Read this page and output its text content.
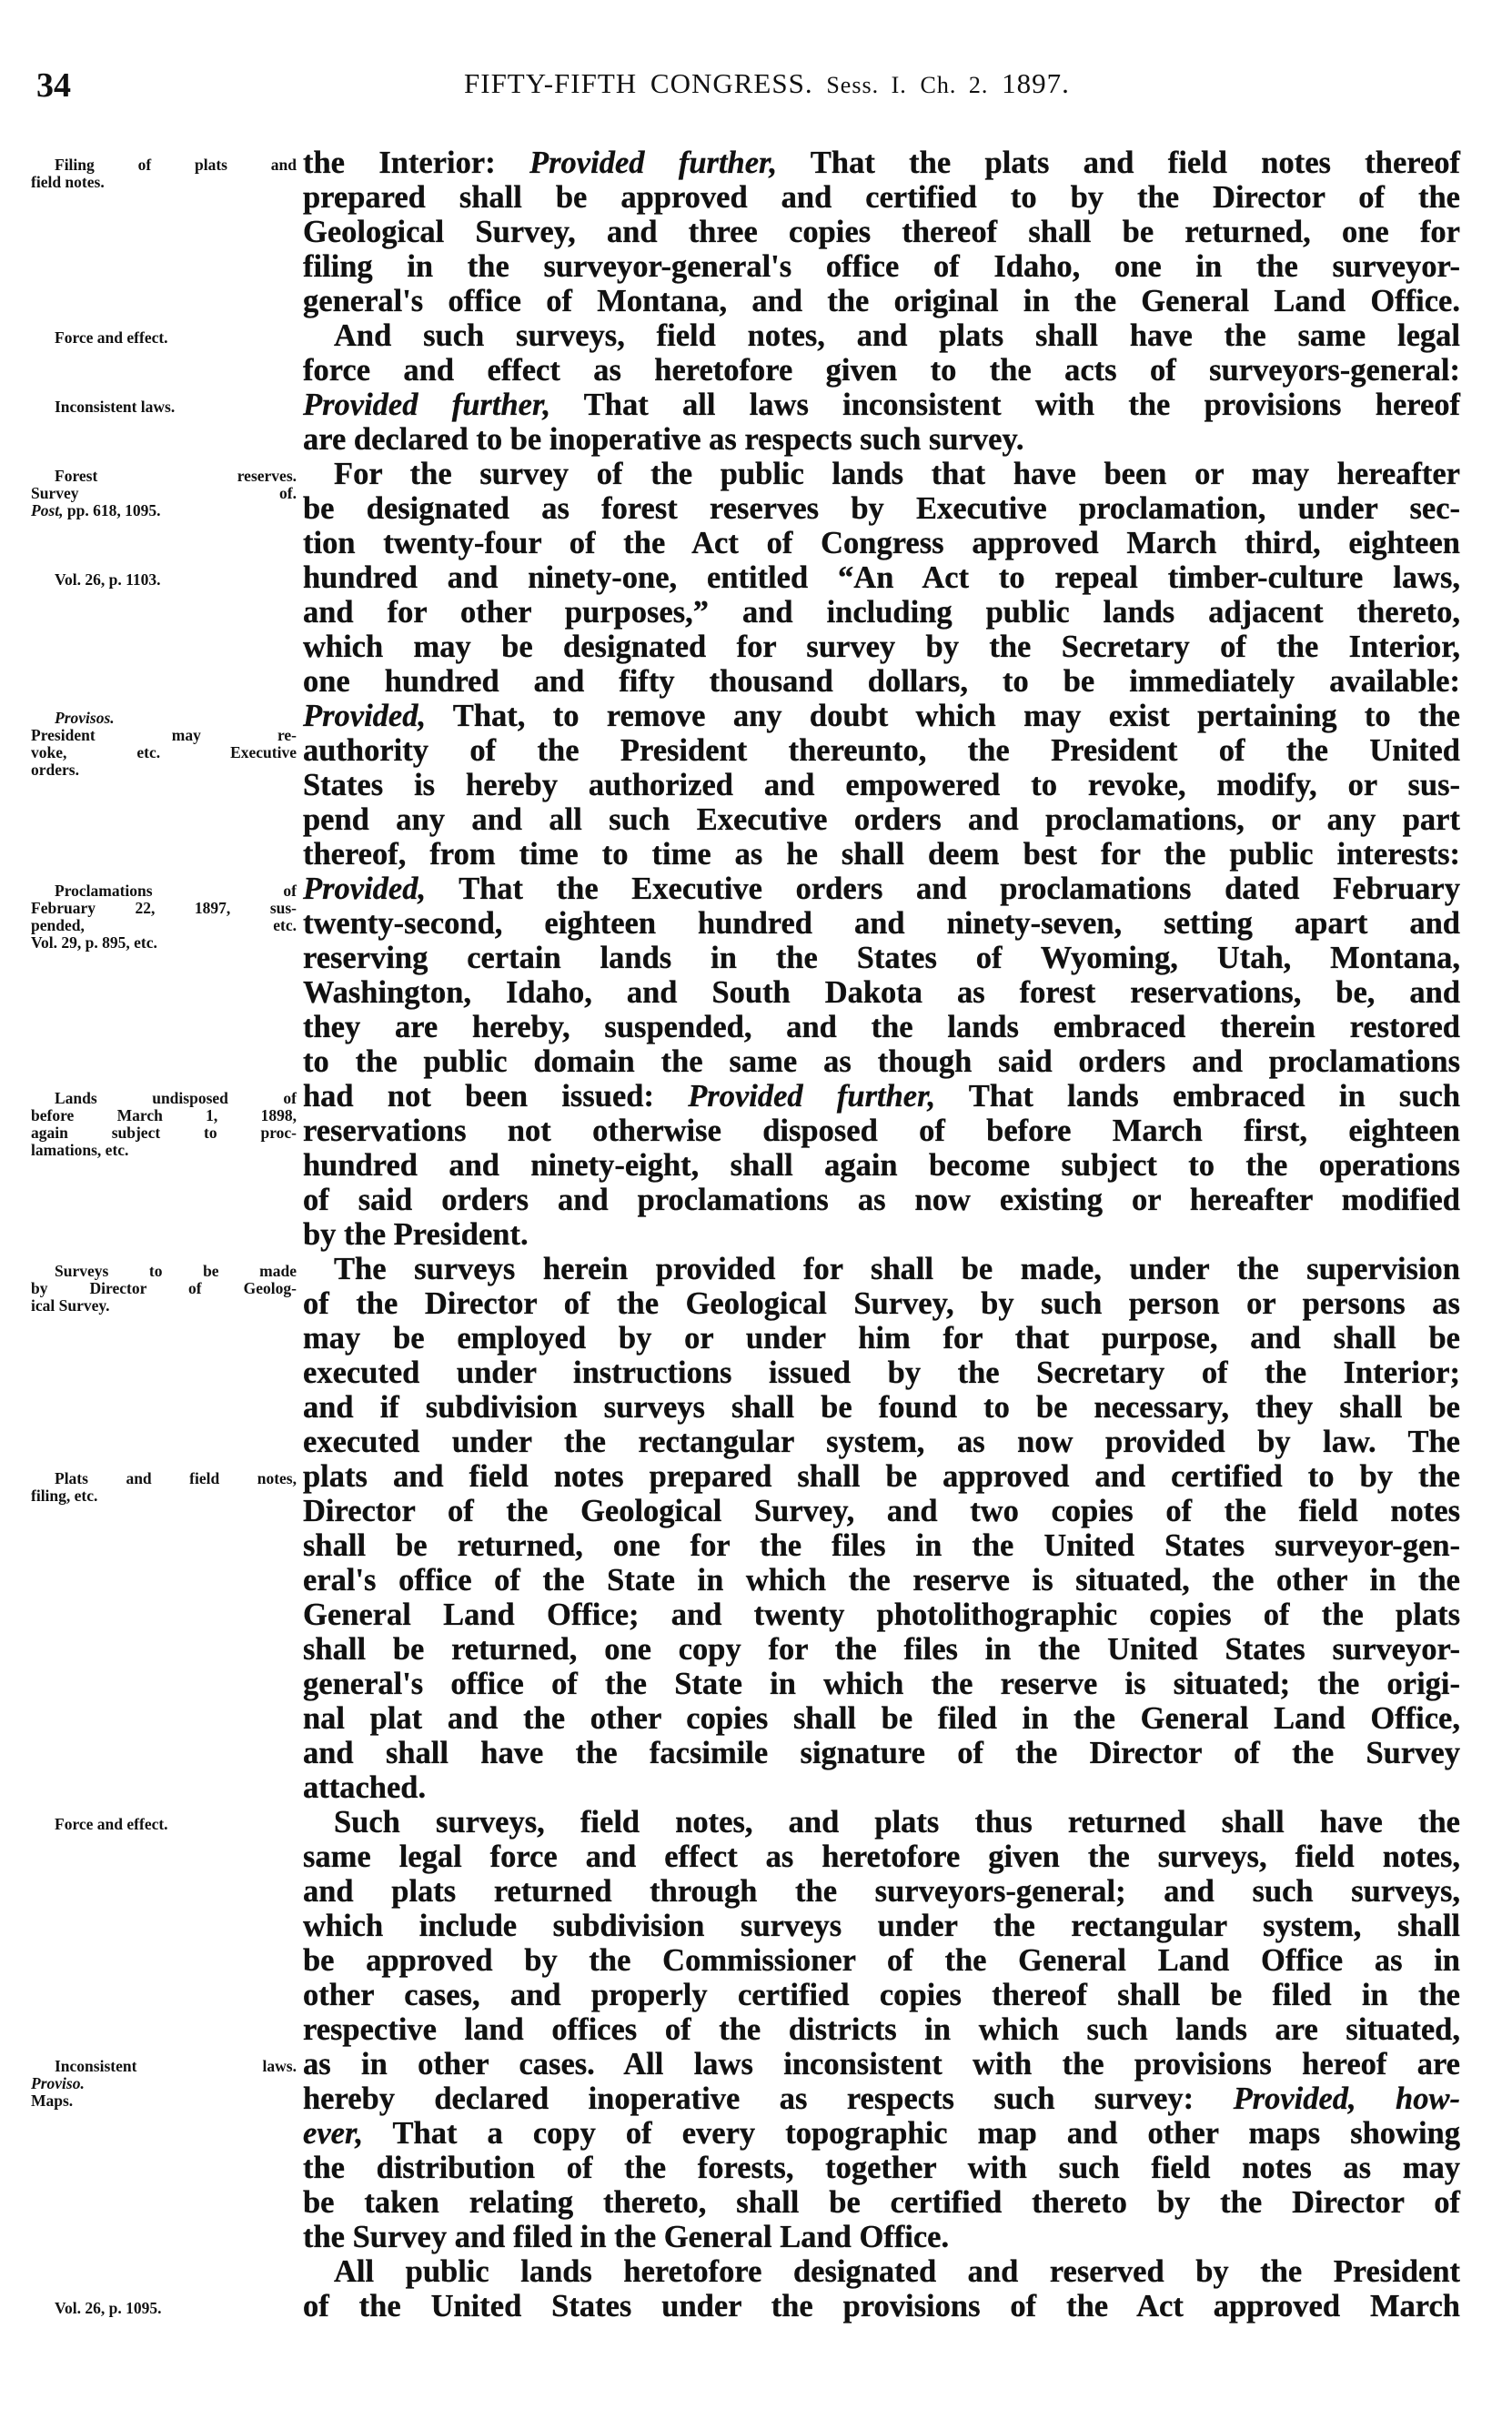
34	FIFTY-FIFTH CONGRESS. Sess. I. Ch. 2. 1897.
the Interior: Provided further, That the plats and field notes thereof
prepared shall be approved and certified to by the Director of the
Geological Survey, and three copies thereof shall be returned, one for
filing in the surveyor-general's office of Idaho, one in the surveyor-
general's office of Montana, and the original in the General Land Office.
And such surveys, field notes, and plats shall have the same legal
force and effect as heretofore given to the acts of surveyors-general:
Provided further, That all laws inconsistent with the provisions hereof
are declared to be inoperative as respects such survey.
For the survey of the public lands that have been or may hereafter
be designated as forest reserves by Executive proclamation, under sec-
tion twenty-four of the Act of Congress approved March third, eighteen
hundred and ninety-one, entitled “An Act to repeal timber-culture laws,
and for other purposes,” and including public lands adjacent thereto,
which may be designated for survey by the Secretary of the Interior,
one hundred and fifty thousand dollars, to be immediately available:
Provided, That, to remove any doubt which may exist pertaining to the
authority of the President thereunto, the President of the United
States is hereby authorized and empowered to revoke, modify, or sus-
pend any and all such Executive orders and proclamations, or any part
thereof, from time to time as he shall deem best for the public interests:
Provided, That the Executive orders and proclamations dated February
twenty-second, eighteen hundred and ninety-seven, setting apart and
reserving certain lands in the States of Wyoming, Utah, Montana,
Washington, Idaho, and South Dakota as forest reservations, be, and
they are hereby, suspended, and the lands embraced therein restored
to the public domain the same as though said orders and proclamations
had not been issued: Provided further, That lands embraced in such
reservations not otherwise disposed of before March first, eighteen
hundred and ninety-eight, shall again become subject to the operations
of said orders and proclamations as now existing or hereafter modified
by the President.
The surveys herein provided for shall be made, under the supervision
of the Director of the Geological Survey, by such person or persons as
may be employed by or under him for that purpose, and shall be
executed under instructions issued by the Secretary of the Interior;
and if subdivision surveys shall be found to be necessary, they shall be
executed under the rectangular system, as now provided by law. The
plats and field notes prepared shall be approved and certified to by the
Director of the Geological Survey, and two copies of the field notes
shall be returned, one for the files in the United States surveyor-gen-
eral's office of the State in which the reserve is situated, the other in the
General Land Office; and twenty photolithographic copies of the plats
shall be returned, one copy for the files in the United States surveyor-
general's office of the State in which the reserve is situated; the origi-
nal plat and the other copies shall be filed in the General Land Office,
and shall have the facsimile signature of the Director of the Survey
attached.
Such surveys, field notes, and plats thus returned shall have the
same legal force and effect as heretofore given the surveys, field notes,
and plats returned through the surveyors-general; and such surveys,
which include subdivision surveys under the rectangular system, shall
be approved by the Commissioner of the General Land Office as in
other cases, and properly certified copies thereof shall be filed in the
respective land offices of the districts in which such lands are situated,
as in other cases. All laws inconsistent with the provisions hereof are
hereby declared inoperative as respects such survey: Provided, how-
ever, That a copy of every topographic map and other maps showing
the distribution of the forests, together with such field notes as may
be taken relating thereto, shall be certified thereto by the Director of
the Survey and filed in the General Land Office.
All public lands heretofore designated and reserved by the President
of the United States under the provisions of the Act approved March
Filing of plats and
field notes.
Force and effect.
Inconsistent laws.
Forest reserves.
Survey of.
Post, pp. 618, 1095.
Vol. 26, p. 1103.
Provisos.
President may re-
voke, etc. Executive
orders.
Proclamations of
February 22, 1897, sus-
pended, etc.
Vol. 29, p. 895, etc.
Lands undisposed of
before March 1, 1898,
again subject to proc-
lamations, etc.
Surveys to be made
by Director of Geolog-
ical Survey.
Plats and field notes,
filing, etc.
Force and effect.
Inconsistent laws.
Proviso.
Maps.
Vol. 26, p. 1095.
